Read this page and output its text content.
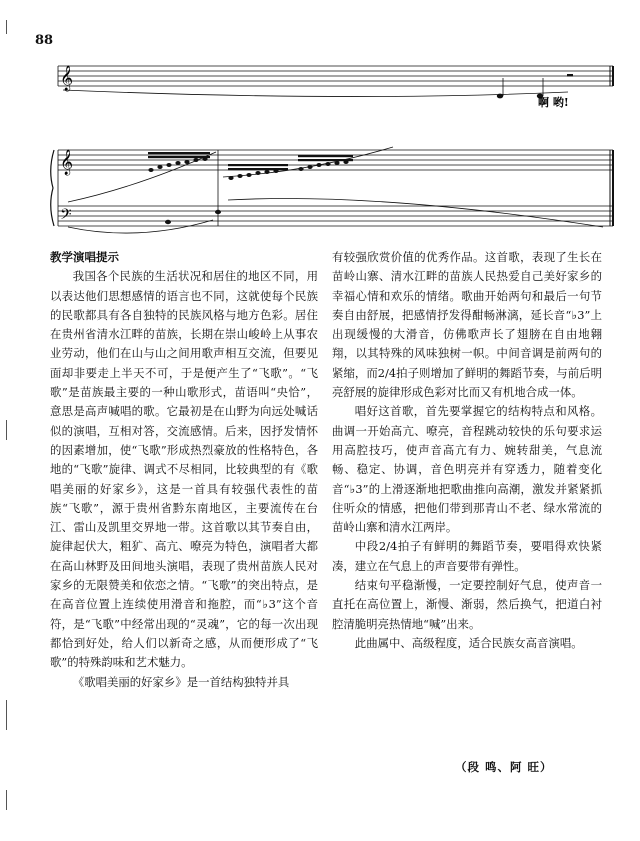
88
𝄞
𝄞
𝄢
啊 哟!

教学演唱提示

我国各个民族的生活状况和居住的地区不同，用以表达他们思想感情的语言也不同，这就使每个民族的民歌都具有各自独特的民族风格与地方色彩。居住在贵州省清水江畔的苗族，长期在崇山峻岭上从事农业劳动，他们在山与山之间用歌声相互交流，但要见面却非要走上半天不可，于是便产生了“飞歌”。“飞歌”是苗族最主要的一种山歌形式，苗语叫“央恰”，意思是高声喊唱的歌。它最初是在山野为向远处喊话似的演唱，互相对答，交流感情。后来，因抒发情怀的因素增加，使“飞歌”形成热烈豪放的性格特色，各地的“飞歌”旋律、调式不尽相同，比较典型的有《歌唱美丽的好家乡》，这是一首具有较强代表性的苗族“飞歌”，源于贵州省黔东南地区，主要流传在台江、雷山及凯里交界地一带。这首歌以其节奏自由，旋律起伏大，粗犷、高亢、嘹亮为特色，演唱者大都在高山林野及田间地头演唱，表现了贵州苗族人民对家乡的无限赞美和依恋之情。“飞歌”的突出特点，是在高音位置上连续使用滑音和拖腔，而“♭3”这个音符，是“飞歌”中经常出现的“灵魂”，它的每一次出现都恰到好处，给人们以新奇之感，从而便形成了“飞歌”的特殊韵味和艺术魅力。

《歌唱美丽的好家乡》是一首结构独特并具

有较强欣赏价值的优秀作品。这首歌，表现了生长在苗岭山寨、清水江畔的苗族人民热爱自己美好家乡的幸福心情和欢乐的情绪。歌曲开始两句和最后一句节奏自由舒展，把感情抒发得酣畅淋漓，延长音“♭3”上出现缓慢的大滑音，仿佛歌声长了翅膀在自由地翱翔，以其特殊的风味独树一帜。中间音调是前两句的紧缩，而2/4拍子则增加了鲜明的舞蹈节奏，与前后明亮舒展的旋律形成色彩对比而又有机地合成一体。

唱好这首歌，首先要掌握它的结构特点和风格。曲调一开始高亢、嘹亮，音程跳动较快的乐句要求运用高腔技巧，使声音高亢有力、婉转甜美，气息流畅、稳定、协调，音色明亮并有穿透力，随着变化音“♭3”的上滑逐渐地把歌曲推向高潮，激发并紧紧抓住听众的情感，把他们带到那青山不老、绿水常流的苗岭山寨和清水江两岸。

中段2/4拍子有鲜明的舞蹈节奏，要唱得欢快紧凑，建立在气息上的声音要带有弹性。

结束句平稳渐慢，一定要控制好气息，使声音一直托在高位置上，渐慢、渐弱，然后换气，把道白衬腔清脆明亮热情地“喊”出来。

此曲属中、高级程度，适合民族女高音演唱。

（段 鸣、阿 旺）
